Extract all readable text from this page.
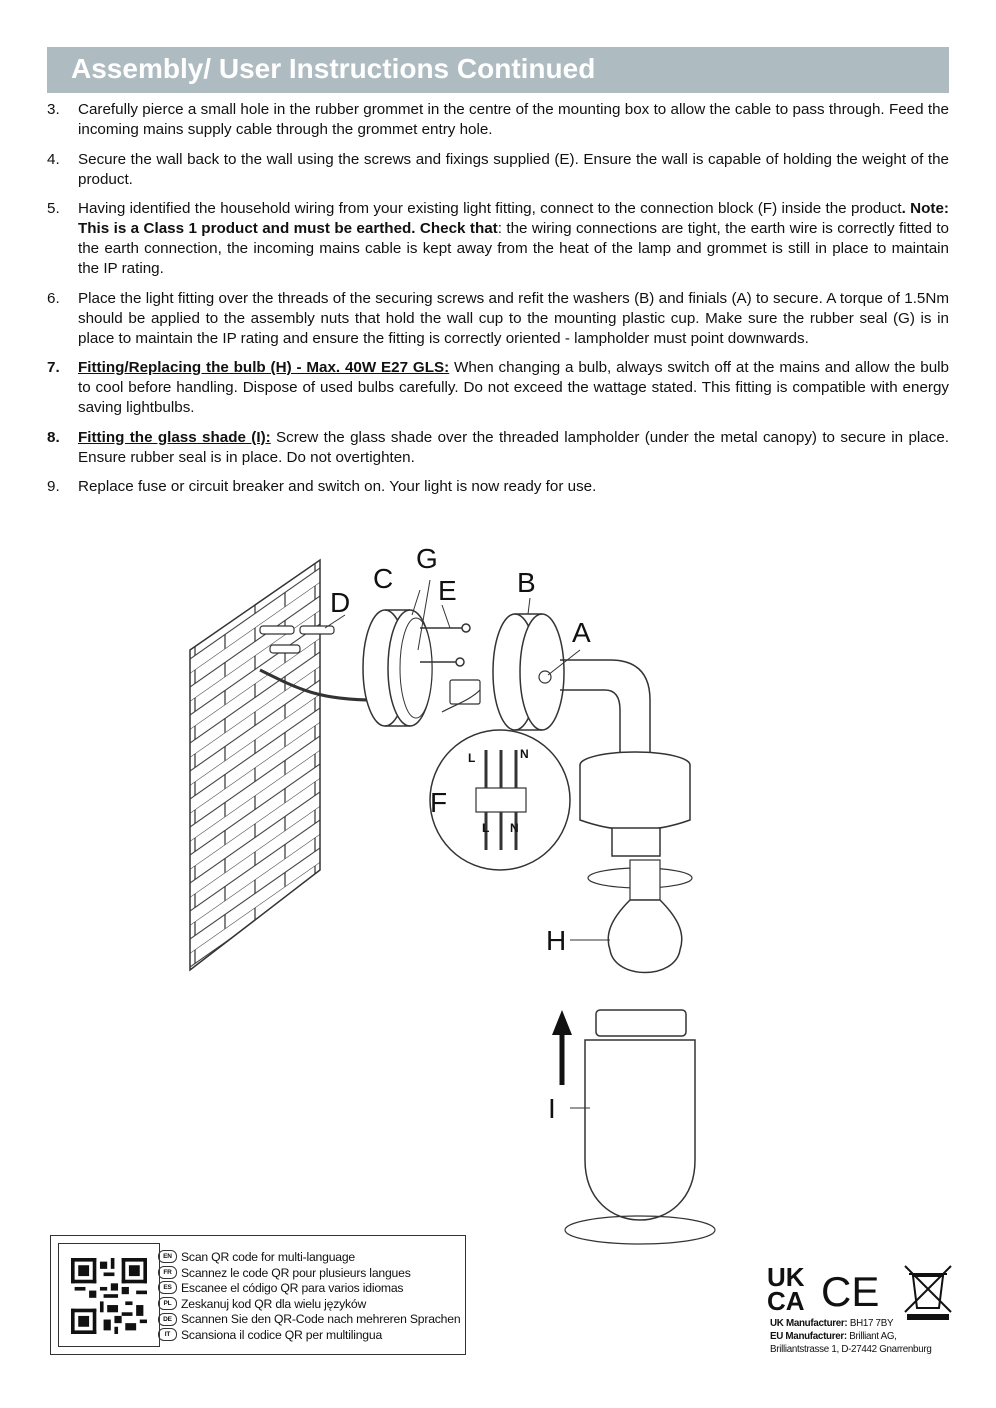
Assembly/ User Instructions Continued
3. Carefully pierce a small hole in the rubber grommet in the centre of the mounting box to allow the cable to pass through. Feed the incoming mains supply cable through the grommet entry hole.
4. Secure the wall back to the wall using the screws and fixings supplied (E). Ensure the wall is capable of holding the weight of the product.
5. Having identified the household wiring from your existing light fitting, connect to the connection block (F) inside the product. Note: This is a Class 1 product and must be earthed. Check that: the wiring connections are tight, the earth wire is correctly fitted to the earth connection, the incoming mains cable is kept away from the heat of the lamp and grommet is still in place to maintain the IP rating.
6. Place the light fitting over the threads of the securing screws and refit the washers (B) and finials (A) to secure. A torque of 1.5Nm should be applied to the assembly nuts that hold the wall cup to the mounting plastic cup. Make sure the rubber seal (G) is in place to maintain the IP rating and ensure the fitting is correctly oriented - lampholder must point downwards.
7. Fitting/Replacing the bulb (H) - Max. 40W E27 GLS: When changing a bulb, always switch off at the mains and allow the bulb to cool before handling. Dispose of used bulbs carefully. Do not exceed the wattage stated. This fitting is compatible with energy saving lightbulbs.
8. Fitting the glass shade (I): Screw the glass shade over the threaded lampholder (under the metal canopy) to secure in place. Ensure rubber seal is in place. Do not overtighten.
9. Replace fuse or circuit breaker and switch on. Your light is now ready for use.
D
C
G
E B
A
F
H
I
L	N
L N
EN Scan QR code for multi-language
FR Scannez le code QR pour plusieurs langues
ES Escanee el código QR para varios idiomas
PL Zeskanuj kod QR dla wielu języków
DE Scannen Sie den QR-Code nach mehreren Sprachen
IT Scansiona il codice QR per multilingua
UK
CA CE
UK Manufacturer: BH17 7BY
EU Manufacturer: Brilliant AG,
Brilliantstrasse 1, D-27442 Gnarrenburg
